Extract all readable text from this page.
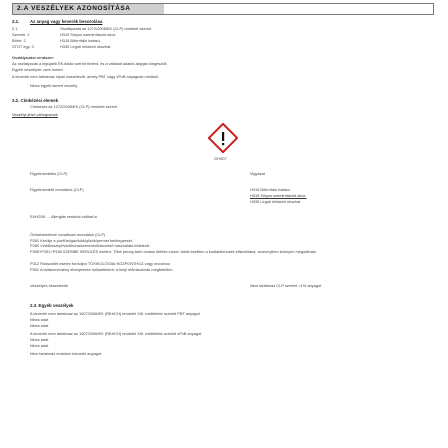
2.A VESZÉLYEK AZONOSÍTÁSA
2.1. Az anyag vagy keverék besorolása
2.1.	Osztályozás az 1272/2008/EK (CLP) rendelet szerint
Szemirr. 2	H319 Súlyos szemirritációt okoz.
Bőrirr. 2	H315 Bőrirritáló hatású.
STOT egy. 3	H335 Légúti irritációt okozhat.
Osztályozási rendszer:
Az osztályozás a legújabb EK-listák szerint történt, és a vállalati adatok alapján kiegészült.
Egyéb veszélyek: nem ismert.
A keverék nem tartalmaz olyan összetevőt, amely PBT vagy vPvB anyagnak minősül.
Nincs egyéb ismert veszély.
2.2. Címkézési elemek
Címkézés az 1272/2008/EK (CLP) rendelet szerint
Veszélyt jelző piktogramok
GHS07
Figyelmeztetés (CLP)	Vigyázat
Figyelmeztető mondatok (CLP)	H315 Bőrirritáló hatású.
H319 Súlyos szemirritációt okoz.
H335 Légúti irritációt okozhat.
EUH208: ... Allergiás reakciót válthat ki.
Óvintézkedésre vonatkozó mondatok (CLP)
P261 Kerülje a por/füst/gáz/köd/gőzök/permet belélegzését.
P280 Védőkesztyű/védőruha/szemvédő/arcvédő használata kötelező.
P305+P351+P338 SZEMBE KERÜLÉS esetén: Több percig tartó óvatos öblítés vízzel. Adott esetben a kontaktlencsék eltávolítása, amennyiben könnyen megoldható.
P312 Rosszullét esetén forduljon TOXIKOLÓGIAI KÖZPONTHOZ vagy orvoshoz.
P501 A tartalom/edény elhelyezése hulladékként: a helyi előírásoknak megfelelően.
Veszélyes összetevők	Nem tartalmaz CLP szerinti >1% anyagot
2.3. Egyéb veszélyek
A keverék nem tartalmaz az 1907/2006/EK (REACH) rendelet XIII. melléklete szerinti PBT anyagot.
Nincs adat
Nincs adat
A keverék nem tartalmaz az 1907/2006/EK (REACH) rendelet XIII. melléklete szerinti vPvB anyagot.
Nincs adat
Nincs adat
Nem tartalmaz endokrin károsító anyagot.
